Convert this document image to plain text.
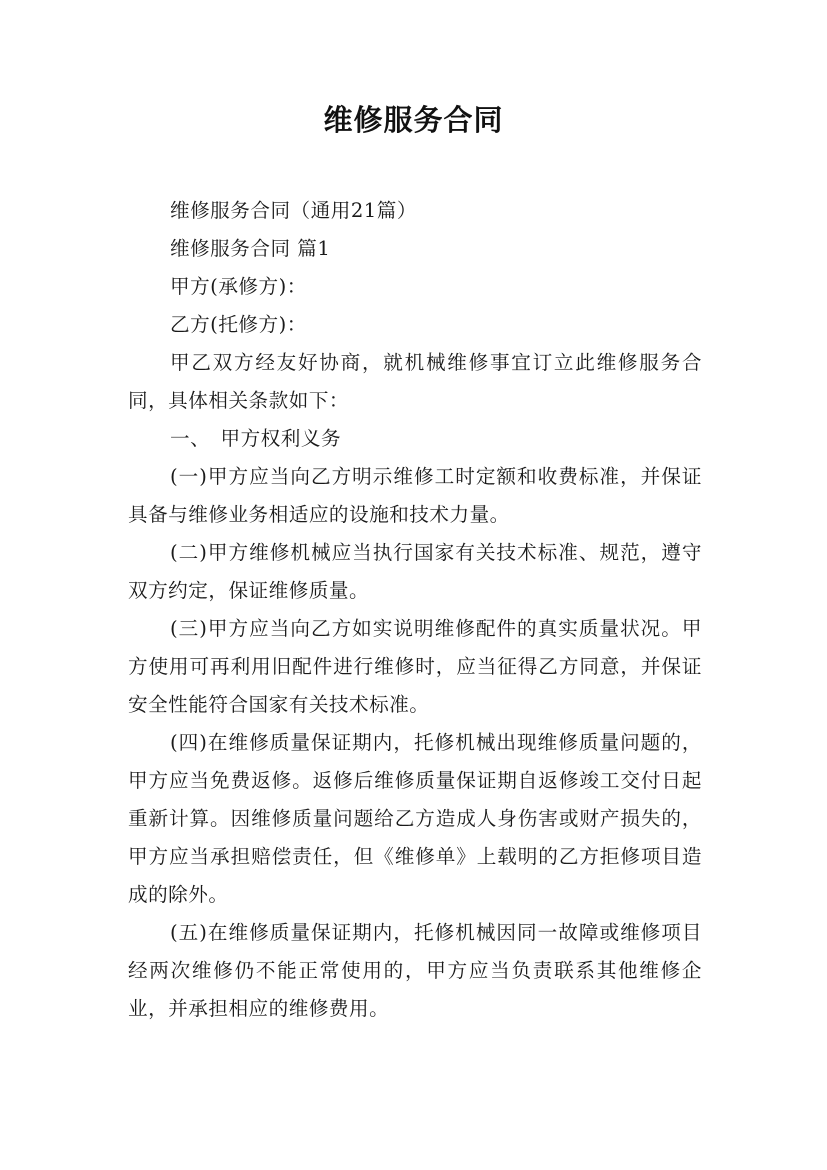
维修服务合同

维修服务合同（通用21篇）

维修服务合同 篇1

甲方(承修方)：

乙方(托修方)：

甲乙双方经友好协商，就机械维修事宜订立此维修服务合同，具体相关条款如下：

一、　甲方权利义务

(一)甲方应当向乙方明示维修工时定额和收费标准，并保证具备与维修业务相适应的设施和技术力量。

(二)甲方维修机械应当执行国家有关技术标准、规范，遵守双方约定，保证维修质量。

(三)甲方应当向乙方如实说明维修配件的真实质量状况。甲方使用可再利用旧配件进行维修时，应当征得乙方同意，并保证安全性能符合国家有关技术标准。

(四)在维修质量保证期内，托修机械出现维修质量问题的，甲方应当免费返修。返修后维修质量保证期自返修竣工交付日起重新计算。因维修质量问题给乙方造成人身伤害或财产损失的，甲方应当承担赔偿责任，但《维修单》上载明的乙方拒修项目造成的除外。

(五)在维修质量保证期内，托修机械因同一故障或维修项目经两次维修仍不能正常使用的，甲方应当负责联系其他维修企业，并承担相应的维修费用。
